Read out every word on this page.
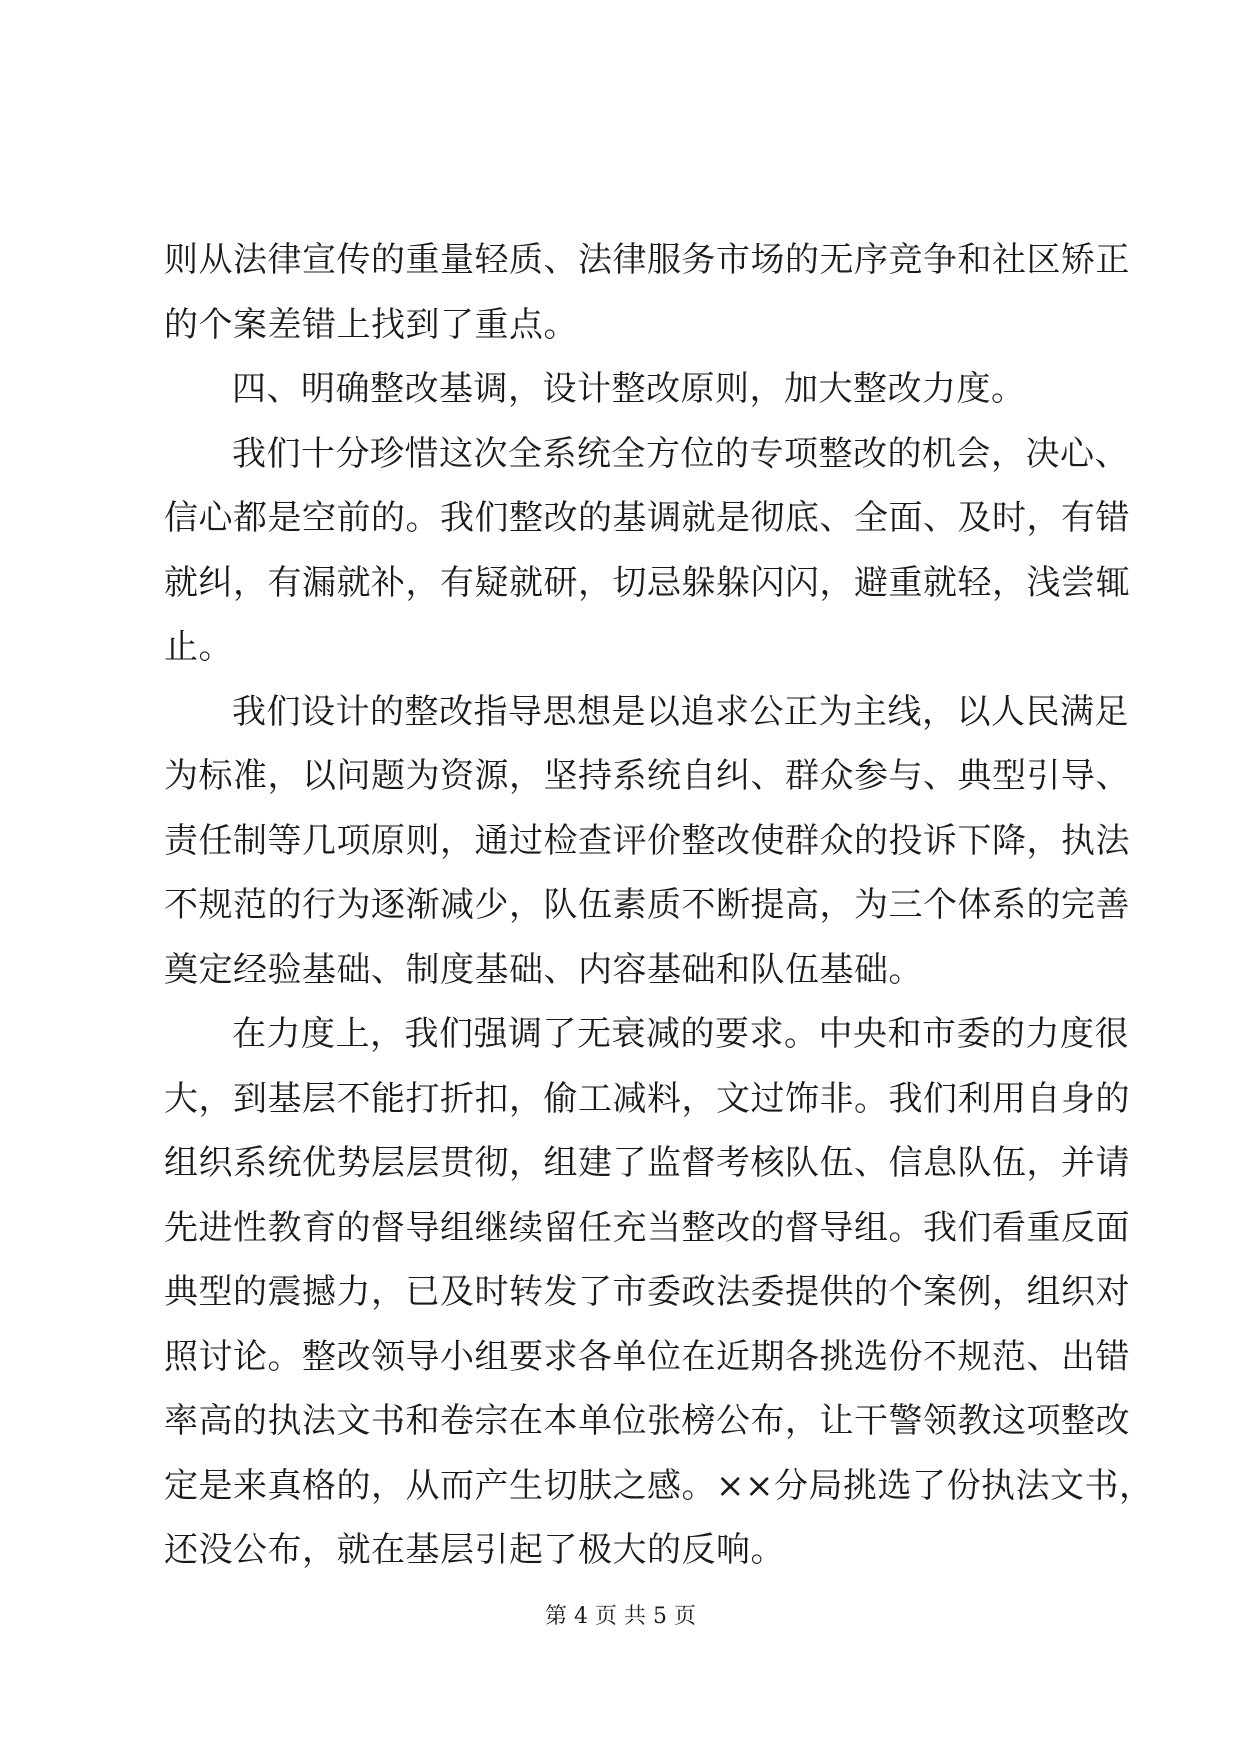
则从法律宣传的重量轻质、法律服务市场的无序竞争和社区矫正
的个案差错上找到了重点。
四、明确整改基调，设计整改原则，加大整改力度。
我们十分珍惜这次全系统全方位的专项整改的机会，决心、
信心都是空前的。我们整改的基调就是彻底、全面、及时，有错
就纠，有漏就补，有疑就研，切忌躲躲闪闪，避重就轻，浅尝辄
止。
我们设计的整改指导思想是以追求公正为主线，以人民满足
为标准，以问题为资源，坚持系统自纠、群众参与、典型引导、
责任制等几项原则，通过检查评价整改使群众的投诉下降，执法
不规范的行为逐渐减少，队伍素质不断提高，为三个体系的完善
奠定经验基础、制度基础、内容基础和队伍基础。
在力度上，我们强调了无衰减的要求。中央和市委的力度很
大，到基层不能打折扣，偷工减料，文过饰非。我们利用自身的
组织系统优势层层贯彻，组建了监督考核队伍、信息队伍，并请
先进性教育的督导组继续留任充当整改的督导组。我们看重反面
典型的震撼力，已及时转发了市委政法委提供的个案例，组织对
照讨论。整改领导小组要求各单位在近期各挑选份不规范、出错
率高的执法文书和卷宗在本单位张榜公布，让干警领教这项整改
定是来真格的，从而产生切肤之感。××分局挑选了份执法文书，
还没公布，就在基层引起了极大的反响。
第 4 页 共 5 页
